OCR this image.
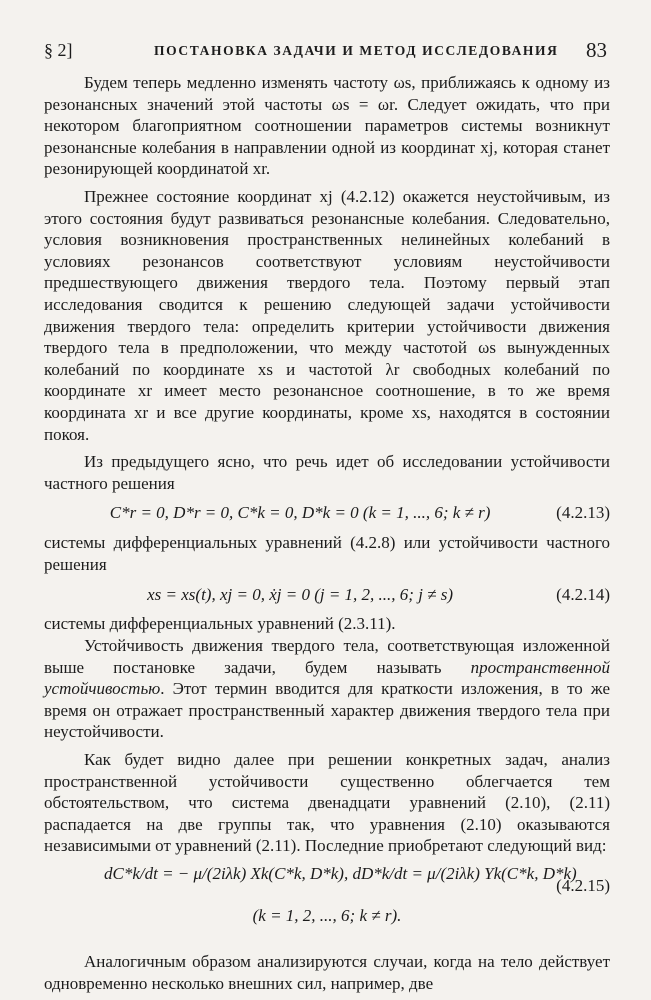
§ 2]	ПОСТАНОВКА ЗАДАЧИ И МЕТОД ИССЛЕДОВАНИЯ 83

Будем теперь медленно изменять частоту ωs, приближаясь к одному из резонансных значений этой частоты ωs = ωr. Следует ожидать, что при некотором благоприятном соотношении параметров системы возникнут резонансные колебания в направлении одной из координат xj, которая станет резонирующей координатой xr.

Прежнее состояние координат xj (4.2.12) окажется неустойчивым, из этого состояния будут развиваться резонансные колебания. Следовательно, условия возникновения пространственных нелинейных колебаний в условиях резонансов соответствуют условиям неустойчивости предшествующего движения твердого тела. Поэтому первый этап исследования сводится к решению следующей задачи устойчивости движения твердого тела: определить критерии устойчивости движения твердого тела в предположении, что между частотой ωs вынужденных колебаний по координате xs и частотой λr свободных колебаний по координате xr имеет место резонансное соотношение, в то же время координата xr и все другие координаты, кроме xs, находятся в состоянии покоя.

Из предыдущего ясно, что речь идет об исследовании устойчивости частного решения

C*r = 0, D*r = 0, C*k = 0, D*k = 0 (k = 1, ..., 6; k ≠ r)	(4.2.13)

системы дифференциальных уравнений (4.2.8) или устойчивости частного решения

xs = xs(t), xj = 0, ẋj = 0 (j = 1, 2, ..., 6; j ≠ s)	(4.2.14)

системы дифференциальных уравнений (2.3.11).

Устойчивость движения твердого тела, соответствующая изложенной выше постановке задачи, будем называть пространственной устойчивостью. Этот термин вводится для краткости изложения, в то же время он отражает пространственный характер движения твердого тела при неустойчивости.

Как будет видно далее при решении конкретных задач, анализ пространственной устойчивости существенно облегчается тем обстоятельством, что система двенадцати уравнений (2.10), (2.11) распадается на две группы так, что уравнения (2.10) оказываются независимыми от уравнений (2.11). Последние приобретают следующий вид:

dC*k/dt = − μ/(2iλk) Xk(C*k, D*k), dD*k/dt = μ/(2iλk) Yk(C*k, D*k)
(k = 1, 2, ..., 6; k ≠ r).
(4.2.15)

Аналогичным образом анализируются случаи, когда на тело действует одновременно несколько внешних сил, например, две
